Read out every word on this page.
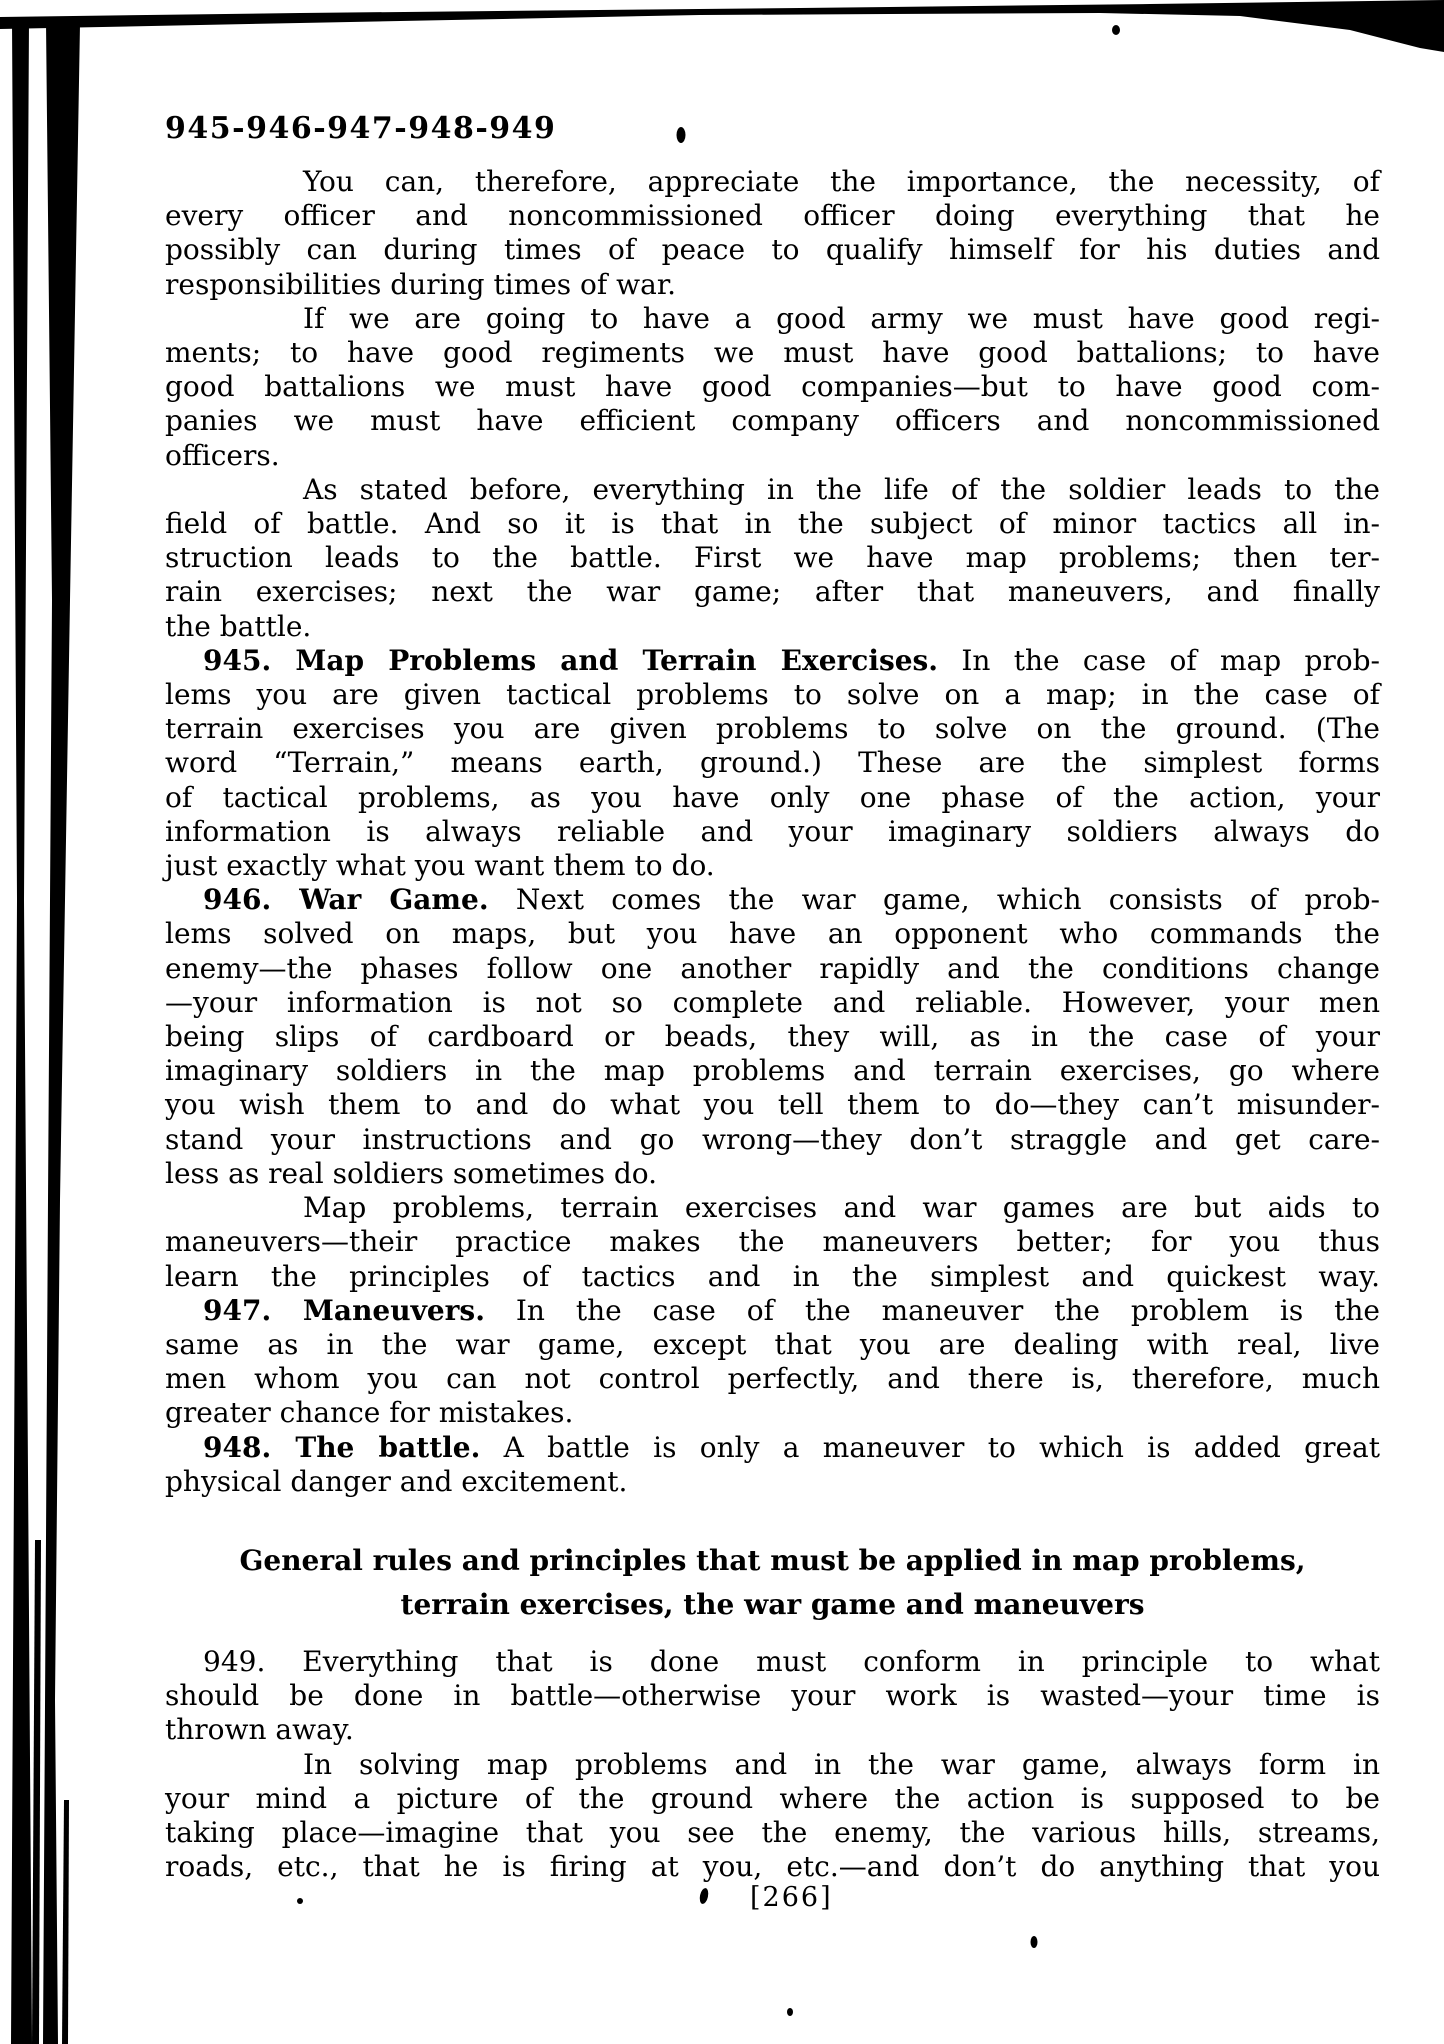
945-946-947-948-949
You can, therefore, appreciate the importance, the necessity, of
every officer and noncommissioned officer doing everything that he
possibly can during times of peace to qualify himself for his duties and
responsibilities during times of war.
If we are going to have a good army we must have good regi-
ments; to have good regiments we must have good battalions; to have
good battalions we must have good companies—but to have good com-
panies we must have efficient company officers and noncommissioned
officers.
As stated before, everything in the life of the soldier leads to the
field of battle. And so it is that in the subject of minor tactics all in-
struction leads to the battle. First we have map problems; then ter-
rain exercises; next the war game; after that maneuvers, and finally
the battle.
945. Map Problems and Terrain Exercises. In the case of map prob-
lems you are given tactical problems to solve on a map; in the case of
terrain exercises you are given problems to solve on the ground. (The
word “Terrain,” means earth, ground.) These are the simplest forms
of tactical problems, as you have only one phase of the action, your
information is always reliable and your imaginary soldiers always do
just exactly what you want them to do.
946. War Game. Next comes the war game, which consists of prob-
lems solved on maps, but you have an opponent who commands the
enemy—the phases follow one another rapidly and the conditions change
—your information is not so complete and reliable. However, your men
being slips of cardboard or beads, they will, as in the case of your
imaginary soldiers in the map problems and terrain exercises, go where
you wish them to and do what you tell them to do—they can’t misunder-
stand your instructions and go wrong—they don’t straggle and get care-
less as real soldiers sometimes do.
Map problems, terrain exercises and war games are but aids to
maneuvers—their practice makes the maneuvers better; for you thus
learn the principles of tactics and in the simplest and quickest way.
947. Maneuvers. In the case of the maneuver the problem is the
same as in the war game, except that you are dealing with real, live
men whom you can not control perfectly, and there is, therefore, much
greater chance for mistakes.
948. The battle. A battle is only a maneuver to which is added great
physical danger and excitement.
General rules and principles that must be applied in map problems,
terrain exercises, the war game and maneuvers
949. Everything that is done must conform in principle to what
should be done in battle—otherwise your work is wasted—your time is
thrown away.
In solving map problems and in the war game, always form in
your mind a picture of the ground where the action is supposed to be
taking place—imagine that you see the enemy, the various hills, streams,
roads, etc., that he is firing at you, etc.—and don’t do anything that you
[266]
